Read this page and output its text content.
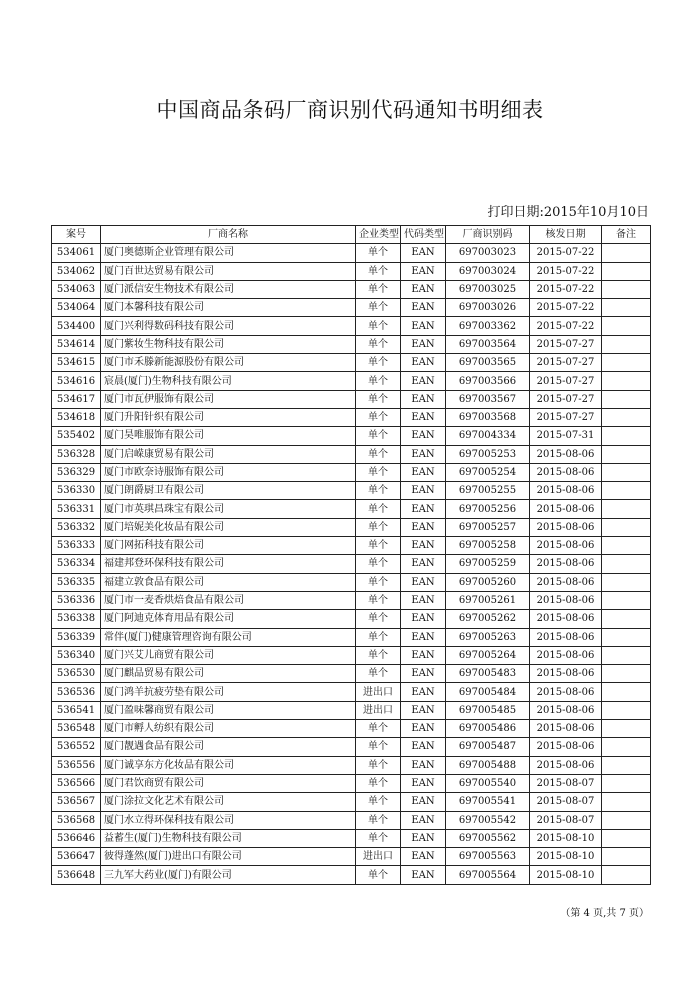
中国商品条码厂商识别代码通知书明细表
打印日期:2015年10月10日
案号	厂商名称	企业类型	代码类型	厂商识别码	核发日期	备注
534061	厦门奥德斯企业管理有限公司	单个	EAN	697003023	2015-07-22	
534062	厦门百世达贸易有限公司	单个	EAN	697003024	2015-07-22	
534063	厦门派信安生物技术有限公司	单个	EAN	697003025	2015-07-22	
534064	厦门本馨科技有限公司	单个	EAN	697003026	2015-07-22	
534400	厦门兴利得数码科技有限公司	单个	EAN	697003362	2015-07-22	
534614	厦门紫妆生物科技有限公司	单个	EAN	697003564	2015-07-27	
534615	厦门市禾滕新能源股份有限公司	单个	EAN	697003565	2015-07-27	
534616	宸晨(厦门)生物科技有限公司	单个	EAN	697003566	2015-07-27	
534617	厦门市瓦伊服饰有限公司	单个	EAN	697003567	2015-07-27	
534618	厦门升阳针织有限公司	单个	EAN	697003568	2015-07-27	
535402	厦门昊唯服饰有限公司	单个	EAN	697004334	2015-07-31	
536328	厦门启嵘康贸易有限公司	单个	EAN	697005253	2015-08-06	
536329	厦门市欧奈诗服饰有限公司	单个	EAN	697005254	2015-08-06	
536330	厦门朗爵厨卫有限公司	单个	EAN	697005255	2015-08-06	
536331	厦门市英琪昌珠宝有限公司	单个	EAN	697005256	2015-08-06	
536332	厦门培妮美化妆品有限公司	单个	EAN	697005257	2015-08-06	
536333	厦门网拓科技有限公司	单个	EAN	697005258	2015-08-06	
536334	福建邦登环保科技有限公司	单个	EAN	697005259	2015-08-06	
536335	福建立敦食品有限公司	单个	EAN	697005260	2015-08-06	
536336	厦门市一麦香烘焙食品有限公司	单个	EAN	697005261	2015-08-06	
536338	厦门阿迪克体育用品有限公司	单个	EAN	697005262	2015-08-06	
536339	常伴(厦门)健康管理咨询有限公司	单个	EAN	697005263	2015-08-06	
536340	厦门兴艾儿商贸有限公司	单个	EAN	697005264	2015-08-06	
536530	厦门麒品贸易有限公司	单个	EAN	697005483	2015-08-06	
536536	厦门鸿羊抗疲劳垫有限公司	进出口	EAN	697005484	2015-08-06	
536541	厦门盈味馨商贸有限公司	进出口	EAN	697005485	2015-08-06	
536548	厦门市孵人纺织有限公司	单个	EAN	697005486	2015-08-06	
536552	厦门靓遇食品有限公司	单个	EAN	697005487	2015-08-06	
536556	厦门诚享东方化妆品有限公司	单个	EAN	697005488	2015-08-06	
536566	厦门君饮商贸有限公司	单个	EAN	697005540	2015-08-07	
536567	厦门涂拉文化艺术有限公司	单个	EAN	697005541	2015-08-07	
536568	厦门水立得环保科技有限公司	单个	EAN	697005542	2015-08-07	
536646	益蓄生(厦门)生物科技有限公司	单个	EAN	697005562	2015-08-10	
536647	彼得蓬然(厦门)进出口有限公司	进出口	EAN	697005563	2015-08-10	
536648	三九军大药业(厦门)有限公司	单个	EAN	697005564	2015-08-10	
（第 4 页,共 7 页）
